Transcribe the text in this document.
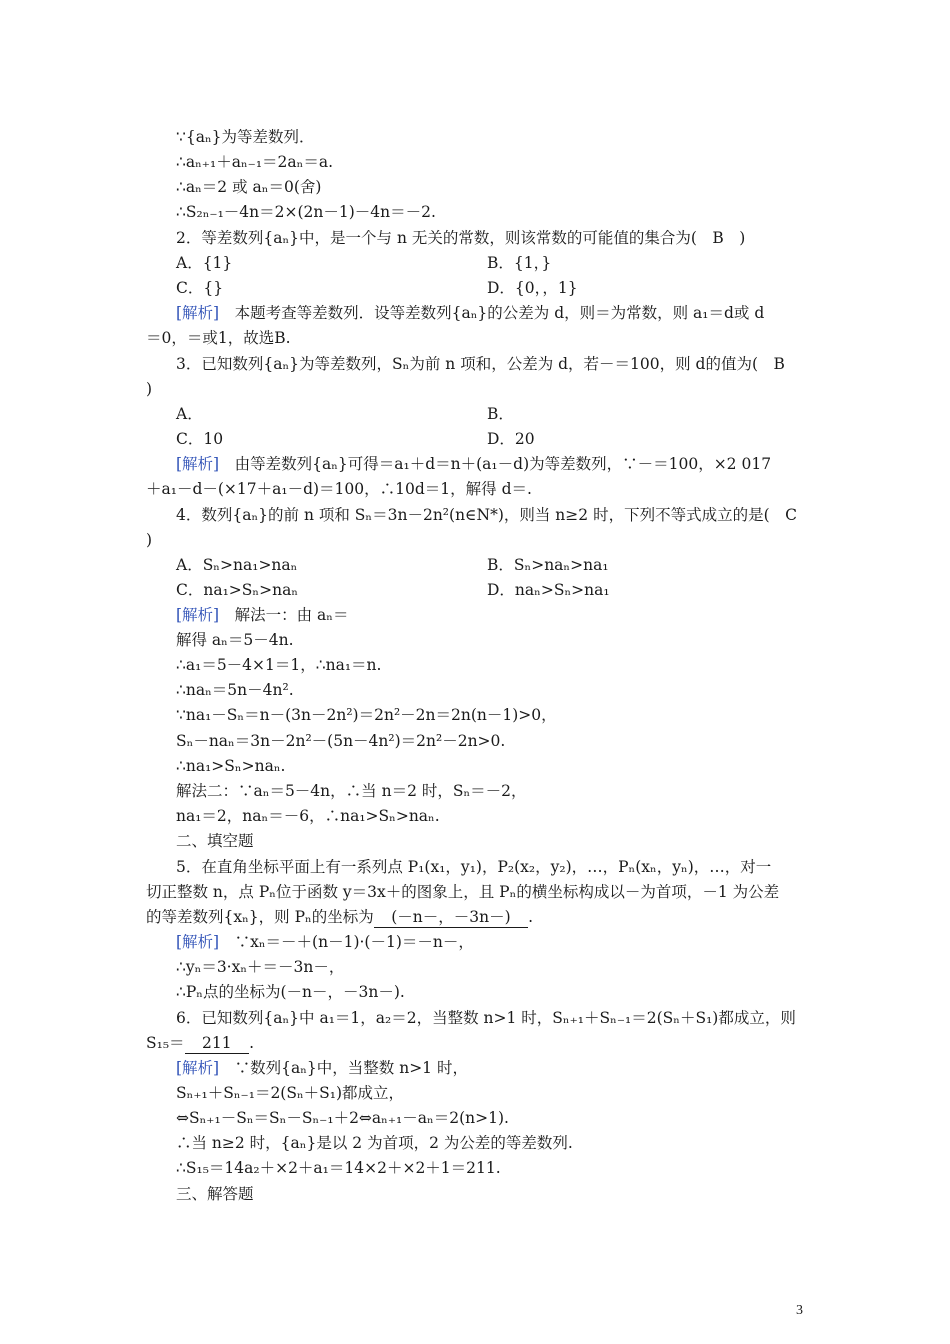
∵{aₙ}为等差数列．
∴aₙ₊₁＋aₙ₋₁＝2aₙ＝a.
∴aₙ＝2 或 aₙ＝0(舍)
∴S₂ₙ₋₁－4n＝2×(2n－1)－4n＝－2.
2．等差数列{aₙ}中，是一个与 n 无关的常数，则该常数的可能值的集合为(　B　)
A．{1}	B．{1，}
C．{}	D．{0，，1}
[解析]　本题考查等差数列．设等差数列{aₙ}的公差为 d，则＝为常数，则 a₁＝d或 d
＝0，＝或1，故选B.
3．已知数列{aₙ}为等差数列，Sₙ为前 n 项和，公差为 d，若－＝100，则 d的值为(　B
)
A．	B．
C．10	D．20
[解析]　由等差数列{aₙ}可得＝a₁＋d＝n＋(a₁－d)为等差数列，∵－＝100，×2 017
＋a₁－d－(×17＋a₁－d)＝100，∴10d＝1，解得 d＝.
4．数列{aₙ}的前 n 项和 Sₙ＝3n－2n²(n∈N*)，则当 n≥2 时，下列不等式成立的是(　C
)
A．Sₙ>na₁>naₙ	B．Sₙ>naₙ>na₁
C．na₁>Sₙ>naₙ	D．naₙ>Sₙ>na₁
[解析]　解法一：由 aₙ＝
解得 aₙ＝5－4n.
∴a₁＝5－4×1＝1，∴na₁＝n.
∴naₙ＝5n－4n².
∵na₁－Sₙ＝n－(3n－2n²)＝2n²－2n＝2n(n－1)>0，
Sₙ－naₙ＝3n－2n²－(5n－4n²)＝2n²－2n>0.
∴na₁>Sₙ>naₙ.
解法二：∵aₙ＝5－4n，∴当 n＝2 时，Sₙ＝－2，
na₁＝2，naₙ＝－6，∴na₁>Sₙ>naₙ.
二、填空题
5．在直角坐标平面上有一系列点 P₁(x₁，y₁)，P₂(x₂，y₂)，…，Pₙ(xₙ，yₙ)，…，对一
切正整数 n，点 Pₙ位于函数 y＝3x＋的图象上，且 Pₙ的横坐标构成以－为首项，－1 为公差
的等差数列{xₙ}，则 Pₙ的坐标为　(－n－，－3n－)　.
[解析]　∵xₙ＝－＋(n－1)·(－1)＝－n－，
∴yₙ＝3·xₙ＋＝－3n－，
∴Pₙ点的坐标为(－n－，－3n－).
6．已知数列{aₙ}中 a₁＝1，a₂＝2，当整数 n>1 时，Sₙ₊₁＋Sₙ₋₁＝2(Sₙ＋S₁)都成立，则
S₁₅＝　211　.
[解析]　∵数列{aₙ}中，当整数 n>1 时，
Sₙ₊₁＋Sₙ₋₁＝2(Sₙ＋S₁)都成立，
⇔Sₙ₊₁－Sₙ＝Sₙ－Sₙ₋₁＋2⇔aₙ₊₁－aₙ＝2(n>1).
∴当 n≥2 时，{aₙ}是以 2 为首项，2 为公差的等差数列.
∴S₁₅＝14a₂＋×2＋a₁＝14×2＋×2＋1＝211.
三、解答题
3
